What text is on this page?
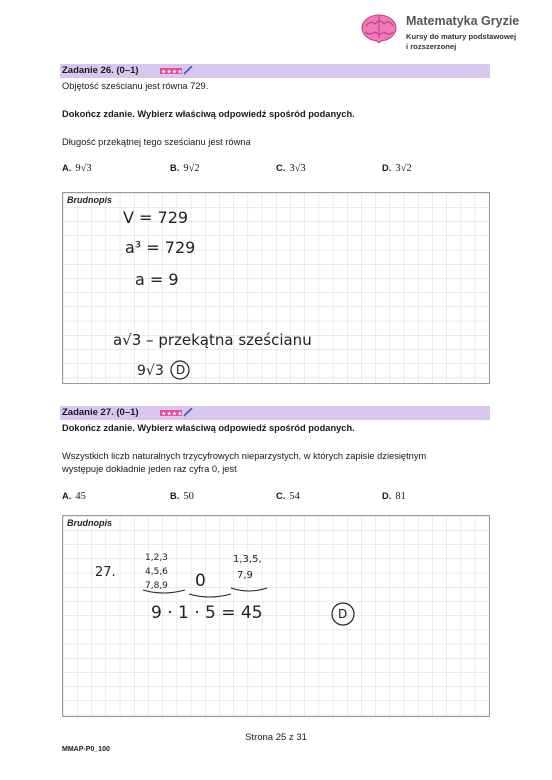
Matematyka Gryzie
Kursy do matury podstawowej
i rozszerzonej
Zadanie 26. (0–1)	★★★★
Objętość sześcianu jest równa 729.
Dokończ zdanie. Wybierz właściwą odpowiedź spośród podanych.
Długość przekątnej tego sześcianu jest równa
A. 9√3	B. 9√2	C. 3√3	D. 3√2
Brudnopis
V = 729
a³ = 729
a = 9
a√3 – przekątna sześcianu
9√3 D
Zadanie 27. (0–1)	★★★★
Dokończ zdanie. Wybierz właściwą odpowiedź spośród podanych.
Wszystkich liczb naturalnych trzycyfrowych nieparzystych, w których zapisie dziesiętnym
występuje dokładnie jeden raz cyfra 0, jest
A. 45	B. 50	C. 54	D. 81
Brudnopis
27.
1,2,3
4,5,6
7,8,9 0
1,3,5,
7,9
9 · 1 · 5 = 45	D
Strona 25 z 31
MMAP-P0_100
